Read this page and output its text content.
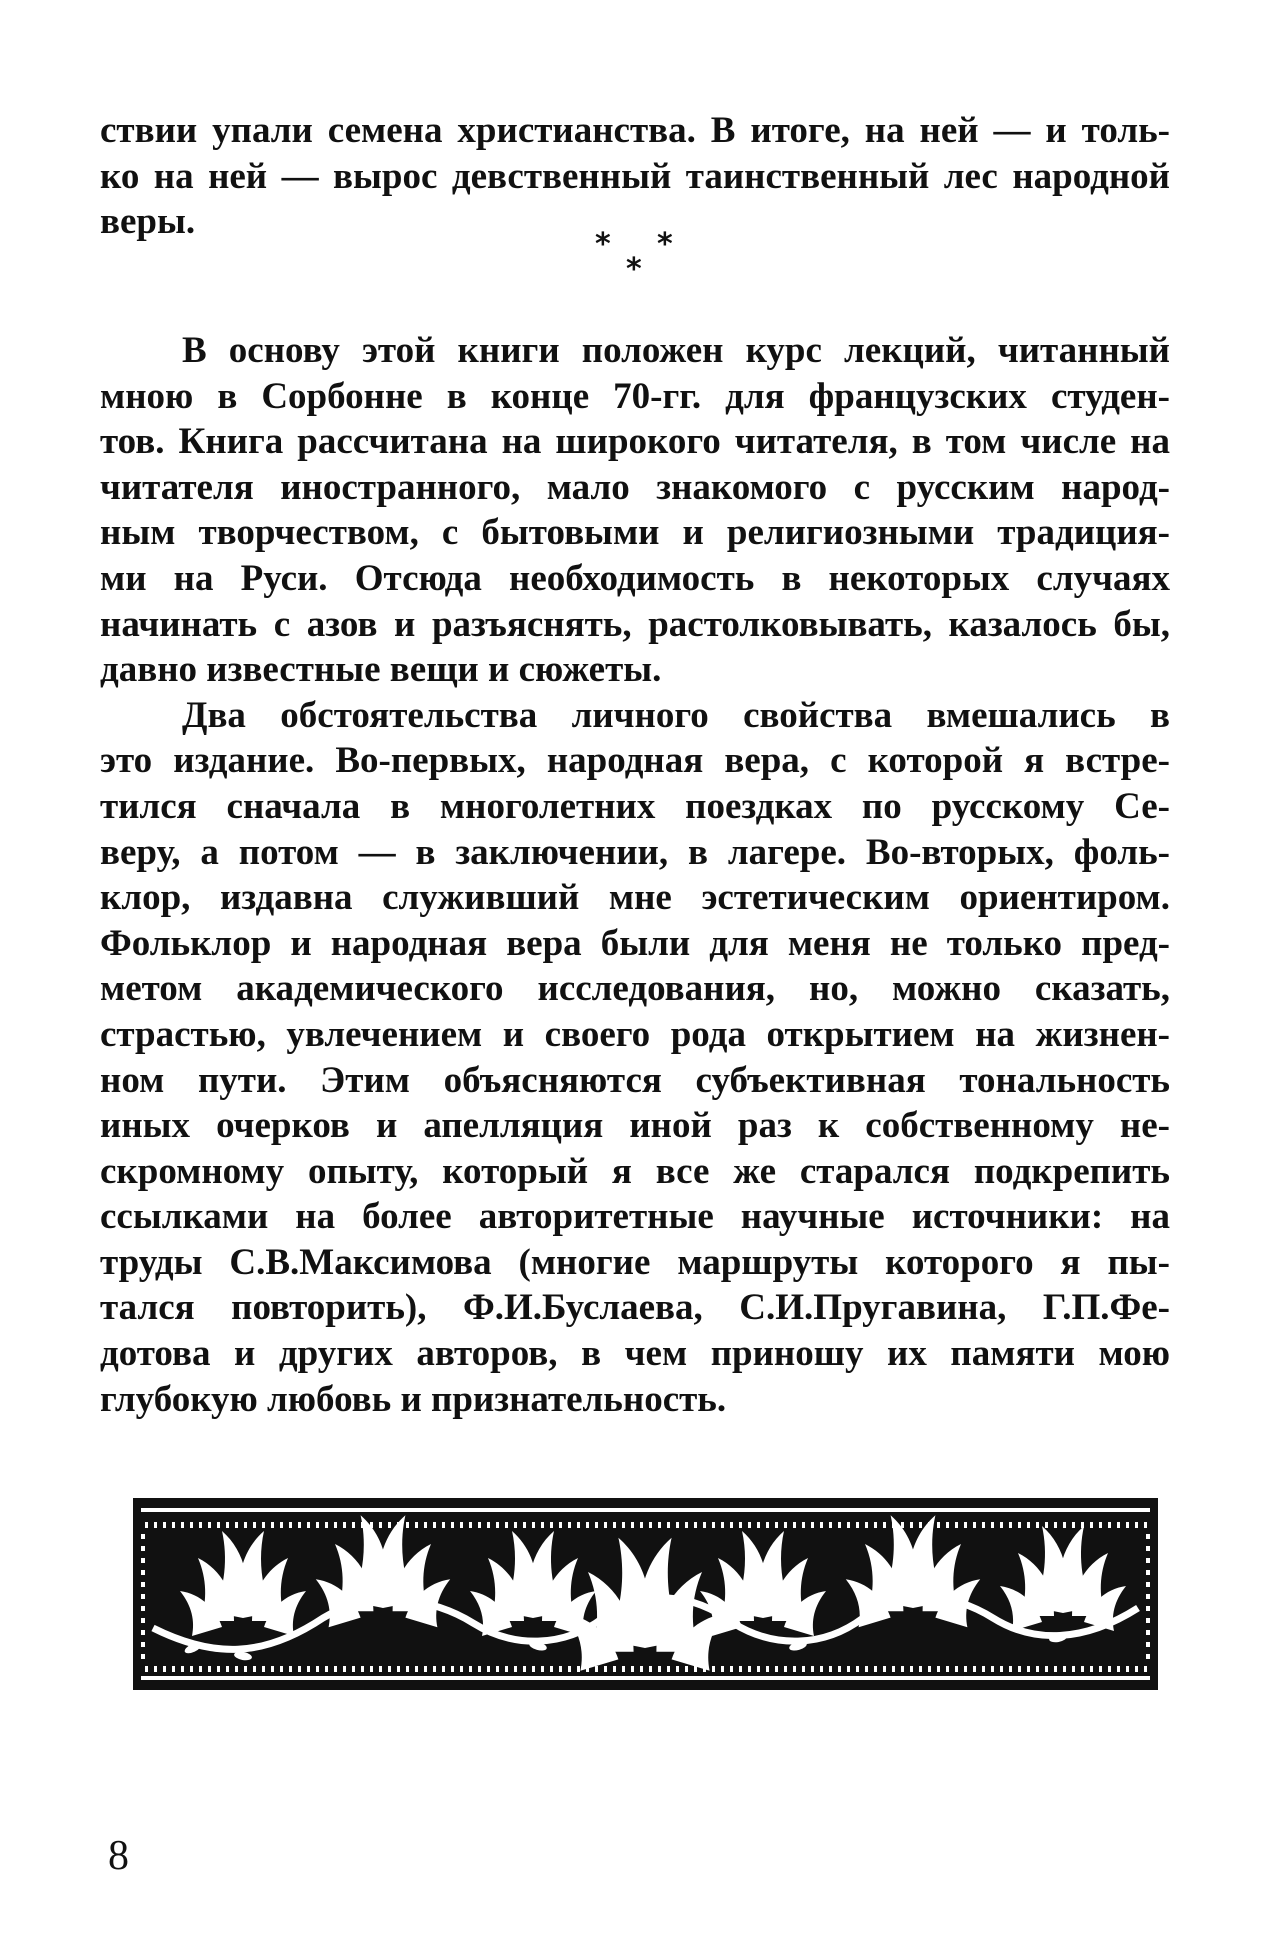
ствии упали семена христианства. В итоге, на ней — и толь-
ко на ней — вырос девственный таинственный лес народной
веры.
* *
*
В основу этой книги положен курс лекций, читанный
мною в Сорбонне в конце 70-гг. для французских студен-
тов. Книга рассчитана на широкого читателя, в том числе на
читателя иностранного, мало знакомого с русским народ-
ным творчеством, с бытовыми и религиозными традиция-
ми на Руси. Отсюда необходимость в некоторых случаях
начинать с азов и разъяснять, растолковывать, казалось бы,
давно известные вещи и сюжеты.
Два обстоятельства личного свойства вмешались в
это издание. Во-первых, народная вера, с которой я встре-
тился сначала в многолетних поездках по русскому Се-
веру, а потом — в заключении, в лагере. Во-вторых, фоль-
клор, издавна служивший мне эстетическим ориентиром.
Фольклор и народная вера были для меня не только пред-
метом академического исследования, но, можно сказать,
страстью, увлечением и своего рода открытием на жизнен-
ном пути. Этим объясняются субъективная тональность
иных очерков и апелляция иной раз к собственному не-
скромному опыту, который я все же старался подкрепить
ссылками на более авторитетные научные источники: на
труды С.В.Максимова (многие маршруты которого я пы-
тался повторить), Ф.И.Буслаева, С.И.Пругавина, Г.П.Фе-
дотова и других авторов, в чем приношу их памяти мою
глубокую любовь и признательность.
8
